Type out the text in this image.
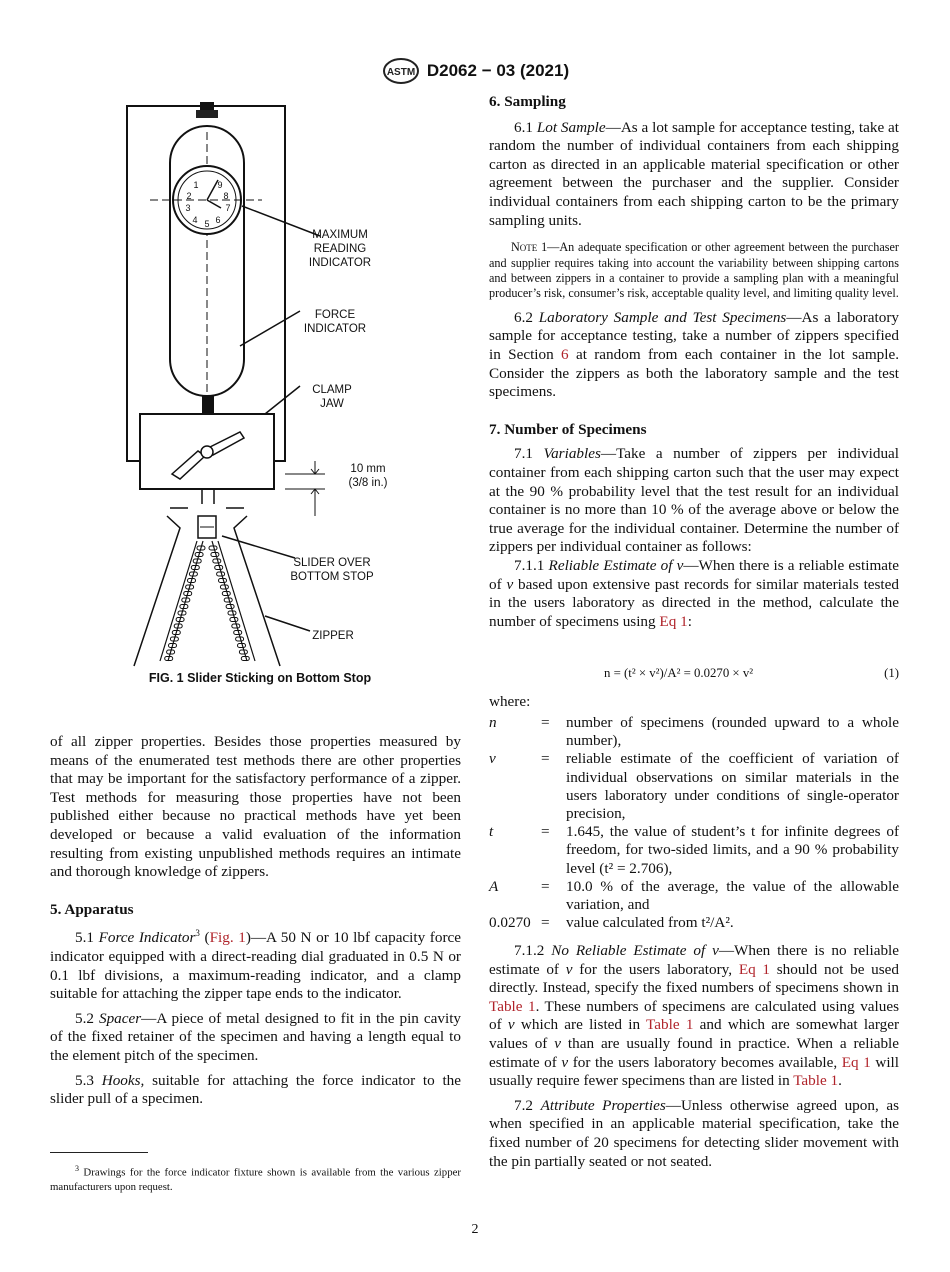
ASTM D2062 − 03 (2021)
1 9
2	8
3	7
4 6
5
MAXIMUM READING INDICATOR
FORCE INDICATOR
CLAMP JAW
10 mm (3/8 in.)
SLIDER OVER BOTTOM STOP
ZIPPER
FIG. 1 Slider Sticking on Bottom Stop

of all zipper properties. Besides those properties measured by means of the enumerated test methods there are other properties that may be important for the satisfactory performance of a zipper. Test methods for measuring those properties have not been published either because no practical methods have yet been developed or because a valid evaluation of the information resulting from existing unpublished methods requires an intimate and thorough knowledge of zippers.

5. Apparatus

5.1 Force Indicator$^3$ (Fig. 1)—A 50 N or 10 lbf capacity force indicator equipped with a direct-reading dial graduated in 0.5 N or 0.1 lbf divisions, a maximum-reading indicator, and a clamp suitable for attaching the zipper tape ends to the indicator.

5.2 Spacer—A piece of metal designed to fit in the pin cavity of the fixed retainer of the specimen and having a length equal to the element pitch of the specimen.

5.3 Hooks, suitable for attaching the force indicator to the slider pull of a specimen.

$^3$ Drawings for the force indicator fixture shown is available from the various zipper manufacturers upon request.

6. Sampling

6.1 Lot Sample—As a lot sample for acceptance testing, take at random the number of individual containers from each shipping carton as directed in an applicable material specification or other agreement between the purchaser and the supplier. Consider individual containers from each shipping carton to be the primary sampling units.

Note 1—An adequate specification or other agreement between the purchaser and supplier requires taking into account the variability between shipping cartons and between zippers in a container to provide a sampling plan with a meaningful producer’s risk, consumer’s risk, acceptable quality level, and limiting quality level.

6.2 Laboratory Sample and Test Specimens—As a laboratory sample for acceptance testing, take a number of zippers specified in Section 6 at random from each container in the lot sample. Consider the zippers as both the laboratory sample and the test specimens.

7. Number of Specimens

7.1 Variables—Take a number of zippers per individual container from each shipping carton such that the user may expect at the 90 % probability level that the test result for an individual container is no more than 10 % of the average above or below the true average for the individual container. Determine the number of zippers per individual container as follows:

7.1.1 Reliable Estimate of v—When there is a reliable estimate of v based upon extensive past records for similar materials tested in the users laboratory as directed in the method, calculate the number of specimens using Eq 1:

n = (t² × v²)/A² = 0.0270 × v²	(1)
where:
n	=	number of specimens (rounded upward to a whole number),
v	=	reliable estimate of the coefficient of variation of individual observations on similar materials in the users laboratory under conditions of single-operator precision,
t	=	1.645, the value of student’s t for infinite degrees of freedom, for two-sided limits, and a 90 % probability level (t² = 2.706),
A	=	10.0 % of the average, the value of the allowable variation, and
0.0270 =	value calculated from t²/A².

7.1.2 No Reliable Estimate of v—When there is no reliable estimate of v for the users laboratory, Eq 1 should not be used directly. Instead, specify the fixed numbers of specimens shown in Table 1. These numbers of specimens are calculated using values of v which are listed in Table 1 and which are somewhat larger values of v than are usually found in practice. When a reliable estimate of v for the users laboratory becomes available, Eq 1 will usually require fewer specimens than are listed in Table 1.

7.2 Attribute Properties—Unless otherwise agreed upon, as when specified in an applicable material specification, take the fixed number of 20 specimens for detecting slider movement with the pin partially seated or not seated.

2
